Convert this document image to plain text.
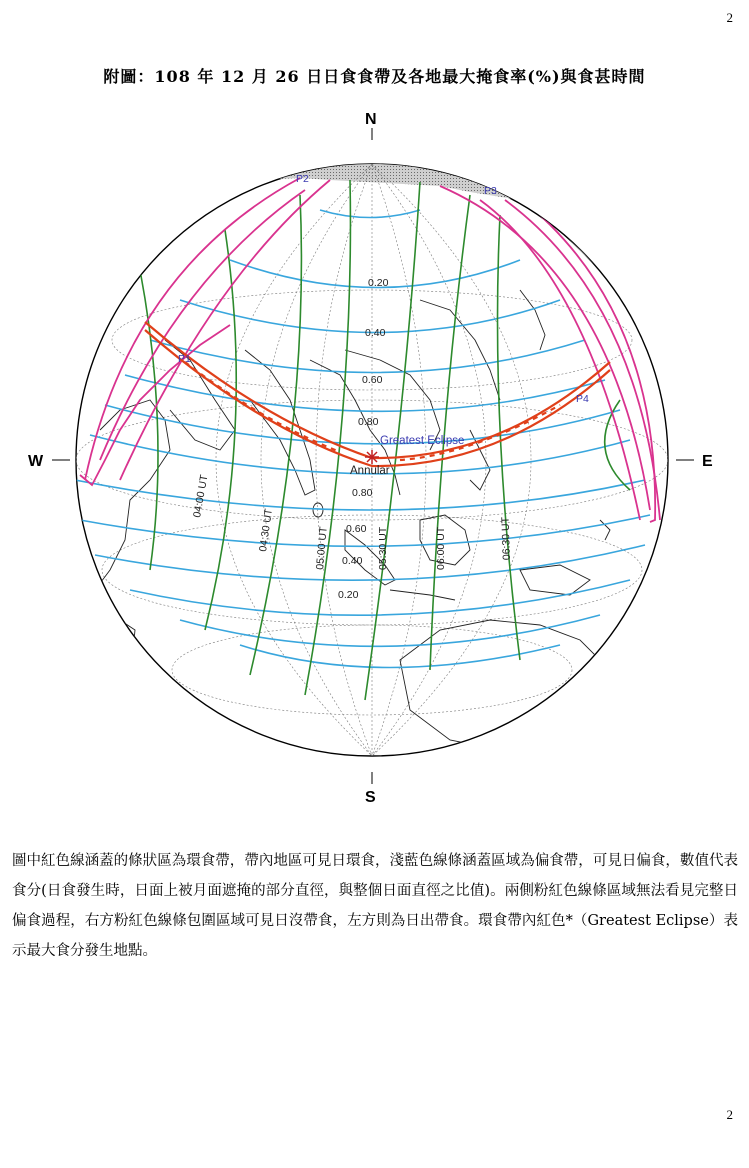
2
附圖：108 年 12 月 26 日日食食帶及各地最大掩食率(%)與食甚時間
N
S
W	E
P1
P2
P3
P4
0.20
0.40
0.60
0.80
0.80
0.60
0.40
0.20
04:00 UT
04:30 UT	05:00 UT	05:30 UT	06:00 UT	06:30 UT
Greatest Eclipse
Annular
圖中紅色線涵蓋的條狀區為環食帶，帶內地區可見日環食，淺藍色線條涵蓋區域為偏食帶，可見日偏食，數值代表食分(日食發生時，日面上被月面遮掩的部分直徑，與整個日面直徑之比值)。兩側粉紅色線條區域無法看見完整日偏食過程，右方粉紅色線條包圍區域可見日沒帶食，左方則為日出帶食。環食帶內紅色*（Greatest Eclipse）表示最大食分發生地點。
2
